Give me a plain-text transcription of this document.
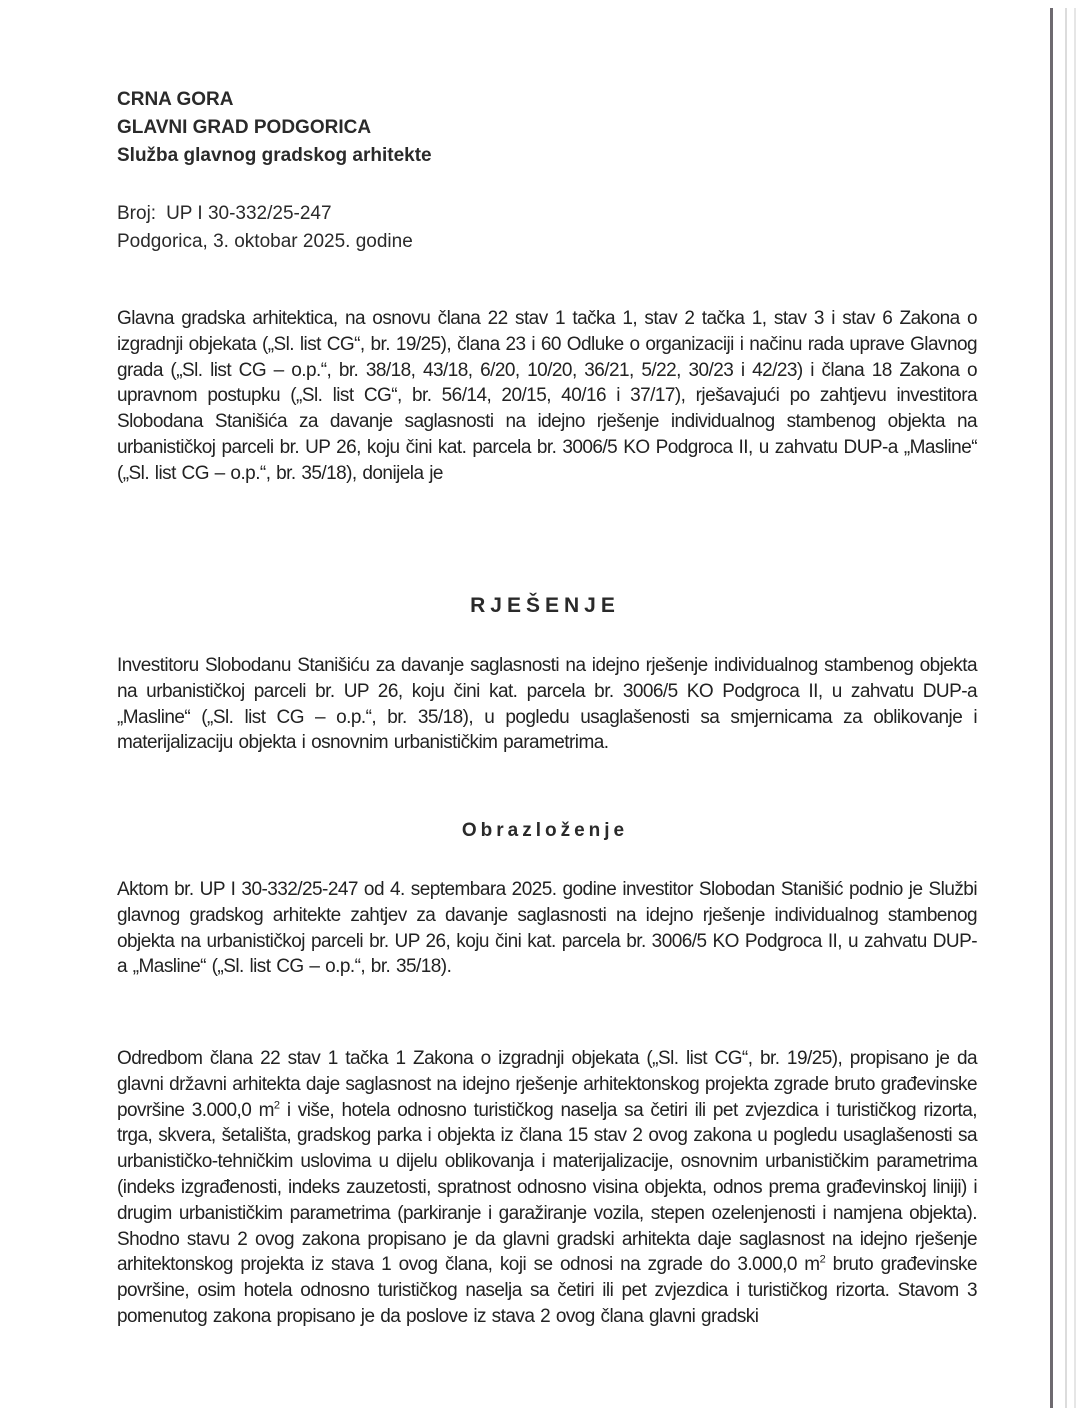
CRNA GORA
GLAVNI GRAD PODGORICA
Služba glavnog gradskog arhitekte
Broj: UP I 30-332/25-247
Podgorica, 3. oktobar 2025. godine
Glavna gradska arhitektica, na osnovu člana 22 stav 1 tačka 1, stav 2 tačka 1, stav 3 i stav 6 Zakona o izgradnji objekata („Sl. list CG“, br. 19/25), člana 23 i 60 Odluke o organizaciji i načinu rada uprave Glavnog grada („Sl. list CG – o.p.“, br. 38/18, 43/18, 6/20, 10/20, 36/21, 5/22, 30/23 i 42/23) i člana 18 Zakona o upravnom postupku („Sl. list CG“, br. 56/14, 20/15, 40/16 i 37/17), rješavajući po zahtjevu investitora Slobodana Stanišića za davanje saglasnosti na idejno rješenje individualnog stambenog objekta na urbanističkoj parceli br. UP 26, koju čini kat. parcela br. 3006/5 KO Podgroca II, u zahvatu DUP-a „Masline“ („Sl. list CG – o.p.“, br. 35/18), donijela je
RJEŠENJE
Investitoru Slobodanu Stanišiću za davanje saglasnosti na idejno rješenje individualnog stambenog objekta na urbanističkoj parceli br. UP 26, koju čini kat. parcela br. 3006/5 KO Podgroca II, u zahvatu DUP-a „Masline“ („Sl. list CG – o.p.“, br. 35/18), u pogledu usaglašenosti sa smjernicama za oblikovanje i materijalizaciju objekta i osnovnim urbanističkim parametrima.
Obrazloženje
Aktom br. UP I 30-332/25-247 od 4. septembara 2025. godine investitor Slobodan Stanišić podnio je Službi glavnog gradskog arhitekte zahtjev za davanje saglasnosti na idejno rješenje individualnog stambenog objekta na urbanističkoj parceli br. UP 26, koju čini kat. parcela br. 3006/5 KO Podgroca II, u zahvatu DUP-a „Masline“ („Sl. list CG – o.p.“, br. 35/18).
Odredbom člana 22 stav 1 tačka 1 Zakona o izgradnji objekata („Sl. list CG“, br. 19/25), propisano je da glavni državni arhitekta daje saglasnost na idejno rješenje arhitektonskog projekta zgrade bruto građevinske površine 3.000,0 $m^2$ i više, hotela odnosno turističkog naselja sa četiri ili pet zvjezdica i turističkog rizorta, trga, skvera, šetališta, gradskog parka i objekta iz člana 15 stav 2 ovog zakona u pogledu usaglašenosti sa urbanističko-tehničkim uslovima u dijelu oblikovanja i materijalizacije, osnovnim urbanističkim parametrima (indeks izgrađenosti, indeks zauzetosti, spratnost odnosno visina objekta, odnos prema građevinskoj liniji) i drugim urbanističkim parametrima (parkiranje i garažiranje vozila, stepen ozelenjenosti i namjena objekta). Shodno stavu 2 ovog zakona propisano je da glavni gradski arhitekta daje saglasnost na idejno rješenje arhitektonskog projekta iz stava 1 ovog člana, koji se odnosi na zgrade do 3.000,0 $m^2$ bruto građevinske površine, osim hotela odnosno turističkog naselja sa četiri ili pet zvjezdica i turističkog rizorta. Stavom 3 pomenutog zakona propisano je da poslove iz stava 2 ovog člana glavni gradski
